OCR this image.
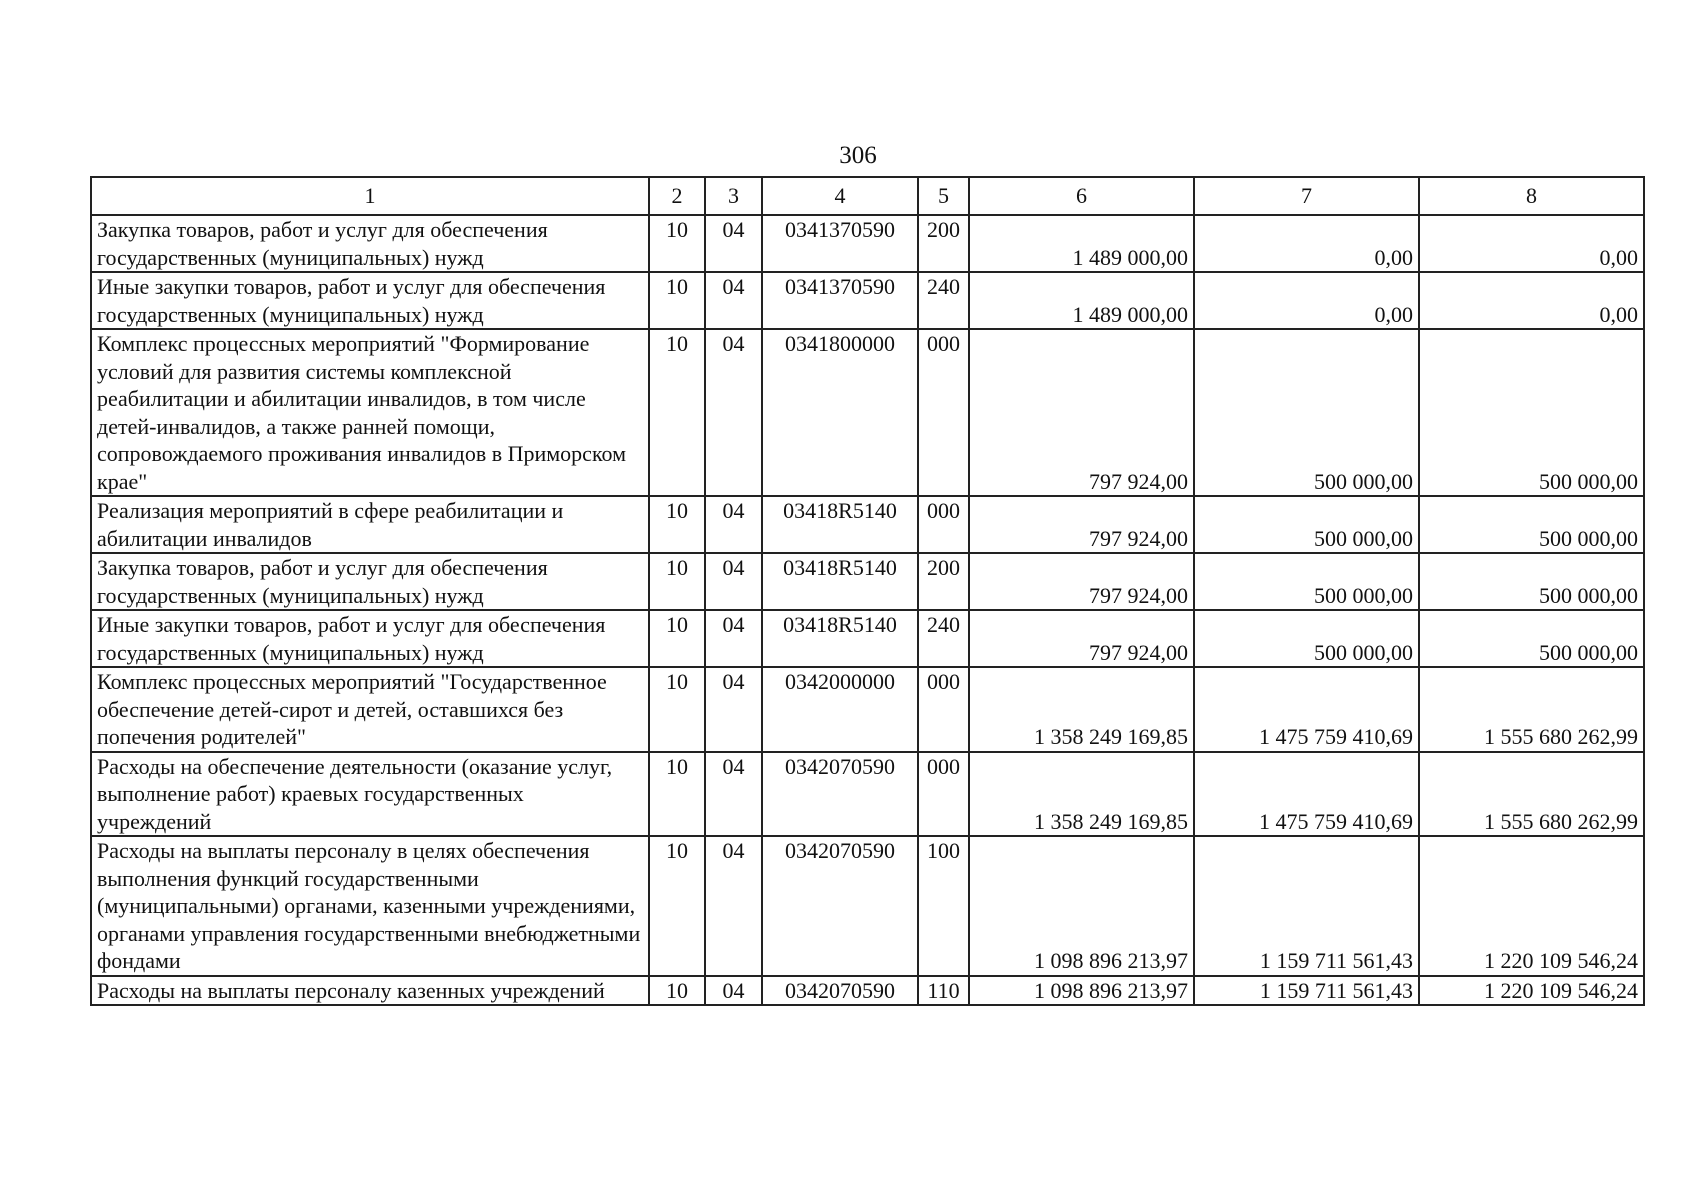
306
1	2	3	4	5	6	7	8
Закупка товаров, работ и услуг для обеспечения государственных (муниципальных) нужд	10	04	0341370590	200	1 489 000,00	0,00	0,00
Иные закупки товаров, работ и услуг для обеспечения государственных (муниципальных) нужд	10	04	0341370590	240	1 489 000,00	0,00	0,00
Комплекс процессных мероприятий "Формирование условий для развития системы комплексной реабилитации и абилитации инвалидов, в том числе детей-инвалидов, а также ранней помощи, сопровождаемого проживания инвалидов в Приморском крае"	10	04	0341800000	000	797 924,00	500 000,00	500 000,00
Реализация мероприятий в сфере реабилитации и абилитации инвалидов	10	04	03418R5140	000	797 924,00	500 000,00	500 000,00
Закупка товаров, работ и услуг для обеспечения государственных (муниципальных) нужд	10	04	03418R5140	200	797 924,00	500 000,00	500 000,00
Иные закупки товаров, работ и услуг для обеспечения государственных (муниципальных) нужд	10	04	03418R5140	240	797 924,00	500 000,00	500 000,00
Комплекс процессных мероприятий "Государственное обеспечение детей-сирот и детей, оставшихся без попечения родителей"	10	04	0342000000	000	1 358 249 169,85	1 475 759 410,69	1 555 680 262,99
Расходы на обеспечение деятельности (оказание услуг, выполнение работ) краевых государственных учреждений	10	04	0342070590	000	1 358 249 169,85	1 475 759 410,69	1 555 680 262,99
Расходы на выплаты персоналу в целях обеспечения выполнения функций государственными (муниципальными) органами, казенными учреждениями, органами управления государственными внебюджетными фондами	10	04	0342070590	100	1 098 896 213,97	1 159 711 561,43	1 220 109 546,24
Расходы на выплаты персоналу казенных учреждений	10	04	0342070590	110	1 098 896 213,97	1 159 711 561,43	1 220 109 546,24
